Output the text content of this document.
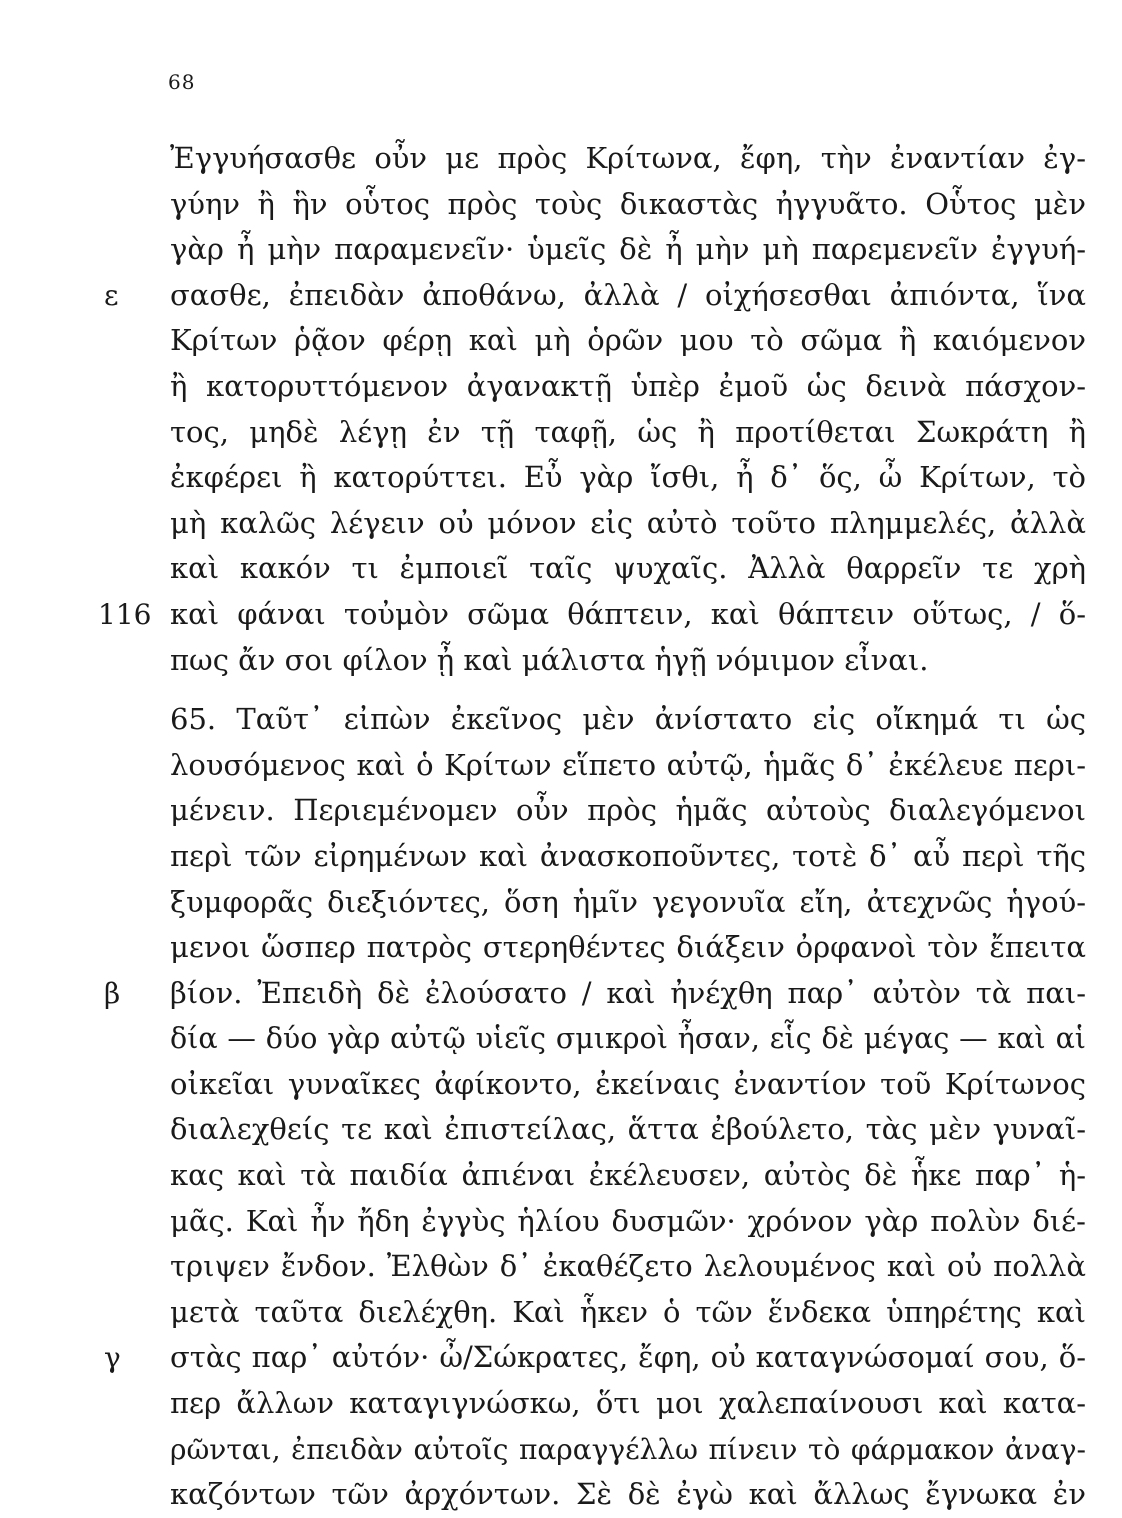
68
Ἐγγυήσασθε οὖν με πρὸς Κρίτωνα, ἔφη, τὴν ἐναντίαν ἐγ-
γύην ἢ ἣν οὗτος πρὸς τοὺς δικαστὰς ἠγγυᾶτο. Οὗτος μὲν
γὰρ ἦ μὴν παραμενεῖν· ὑμεῖς δὲ ἦ μὴν μὴ παρεμενεῖν ἐγγυή-
ε	σασθε, ἐπειδὰν ἀποθάνω, ἀλλὰ / οἰχήσεσθαι ἀπιόντα, ἵνα
Κρίτων ῥᾷον φέρῃ καὶ μὴ ὁρῶν μου τὸ σῶμα ἢ καιόμενον
ἢ κατορυττόμενον ἀγανακτῇ ὑπὲρ ἐμοῦ ὡς δεινὰ πάσχον-
τος, μηδὲ λέγῃ ἐν τῇ ταφῇ, ὡς ἢ προτίθεται Σωκράτη ἢ
ἐκφέρει ἢ κατορύττει. Εὖ γὰρ ἴσθι, ἦ δ᾽ ὅς, ὦ Κρίτων, τὸ
μὴ καλῶς λέγειν οὐ μόνον εἰς αὐτὸ τοῦτο πλημμελές, ἀλλὰ
καὶ κακόν τι ἐμποιεῖ ταῖς ψυχαῖς. Ἀλλὰ θαρρεῖν τε χρὴ
116 καὶ φάναι τοὐμὸν σῶμα θάπτειν, καὶ θάπτειν οὕτως, / ὅ-
πως ἄν σοι φίλον ᾖ καὶ μάλιστα ἡγῇ νόμιμον εἶναι.
65. Ταῦτ᾽ εἰπὼν ἐκεῖνος μὲν ἀνίστατο εἰς οἴκημά τι ὡς
λουσόμενος καὶ ὁ Κρίτων εἵπετο αὐτῷ, ἡμᾶς δ᾽ ἐκέλευε περι-
μένειν. Περιεμένομεν οὖν πρὸς ἡμᾶς αὐτοὺς διαλεγόμενοι
περὶ τῶν εἰρημένων καὶ ἀνασκοποῦντες, τοτὲ δ᾽ αὖ περὶ τῆς
ξυμφορᾶς διεξιόντες, ὅση ἡμῖν γεγονυῖα εἴη, ἀτεχνῶς ἡγού-
μενοι ὥσπερ πατρὸς στερηθέντες διάξειν ὀρφανοὶ τὸν ἔπειτα
β	βίον. Ἐπειδὴ δὲ ἐλούσατο / καὶ ἠνέχθη παρ᾽ αὐτὸν τὰ παι-
δία — δύο γὰρ αὐτῷ υἱεῖς σμικροὶ ἦσαν, εἷς δὲ μέγας — καὶ αἱ
οἰκεῖαι γυναῖκες ἀφίκοντο, ἐκείναις ἐναντίον τοῦ Κρίτωνος
διαλεχθείς τε καὶ ἐπιστείλας, ἅττα ἐβούλετο, τὰς μὲν γυναῖ-
κας καὶ τὰ παιδία ἀπιέναι ἐκέλευσεν, αὐτὸς δὲ ἧκε παρ᾽ ἡ-
μᾶς. Καὶ ἦν ἤδη ἐγγὺς ἡλίου δυσμῶν· χρόνον γὰρ πολὺν διέ-
τριψεν ἔνδον. Ἐλθὼν δ᾽ ἐκαθέζετο λελουμένος καὶ οὐ πολλὰ
μετὰ ταῦτα διελέχθη. Καὶ ἧκεν ὁ τῶν ἕνδεκα ὑπηρέτης καὶ
γ	στὰς παρ᾽ αὐτόν· ὦ/Σώκρατες, ἔφη, οὐ καταγνώσομαί σου, ὅ-
περ ἄλλων καταγιγνώσκω, ὅτι μοι χαλεπαίνουσι καὶ κατα-
ρῶνται, ἐπειδὰν αὐτοῖς παραγγέλλω πίνειν τὸ φάρμακον ἀναγ-
καζόντων τῶν ἀρχόντων. Σὲ δὲ ἐγὼ καὶ ἄλλως ἔγνωκα ἐν
